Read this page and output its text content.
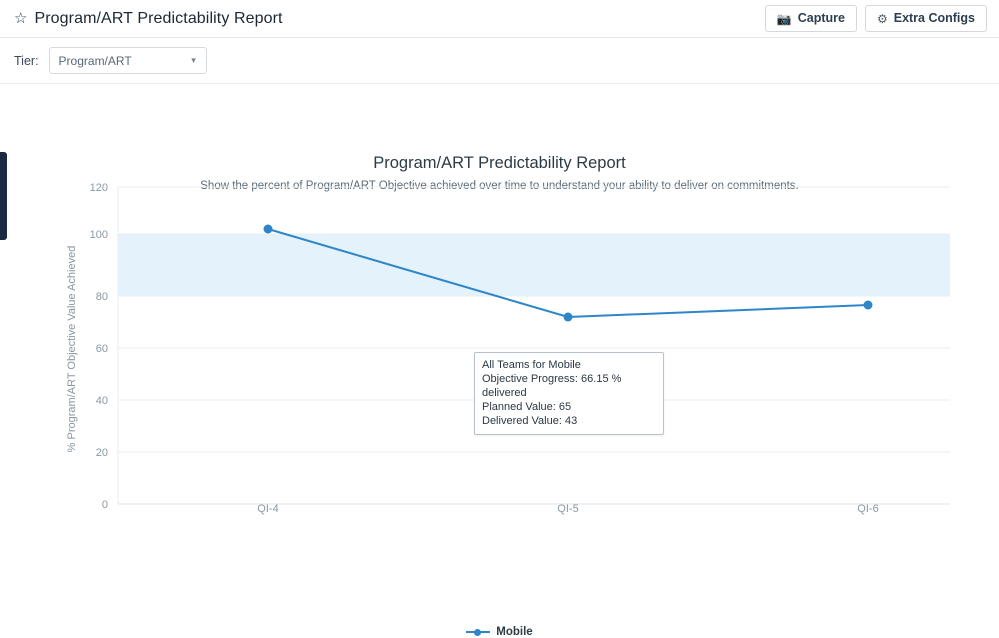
☆ Program/ART Predictability Report	📷 Capture	⚙ Extra Configs
Tier: Program/ART	▼
Program/ART Predictability Report
Show the percent of Program/ART Objective achieved over time to understand your ability to deliver on commitments.
% Program/ART Objective Value Achieved
120
100
80
60
40
20
0	QI-4	QI-5	QI-6
All Teams for Mobile
Objective Progress: 66.15 % delivered
Planned Value: 65
Delivered Value: 43
Mobile
